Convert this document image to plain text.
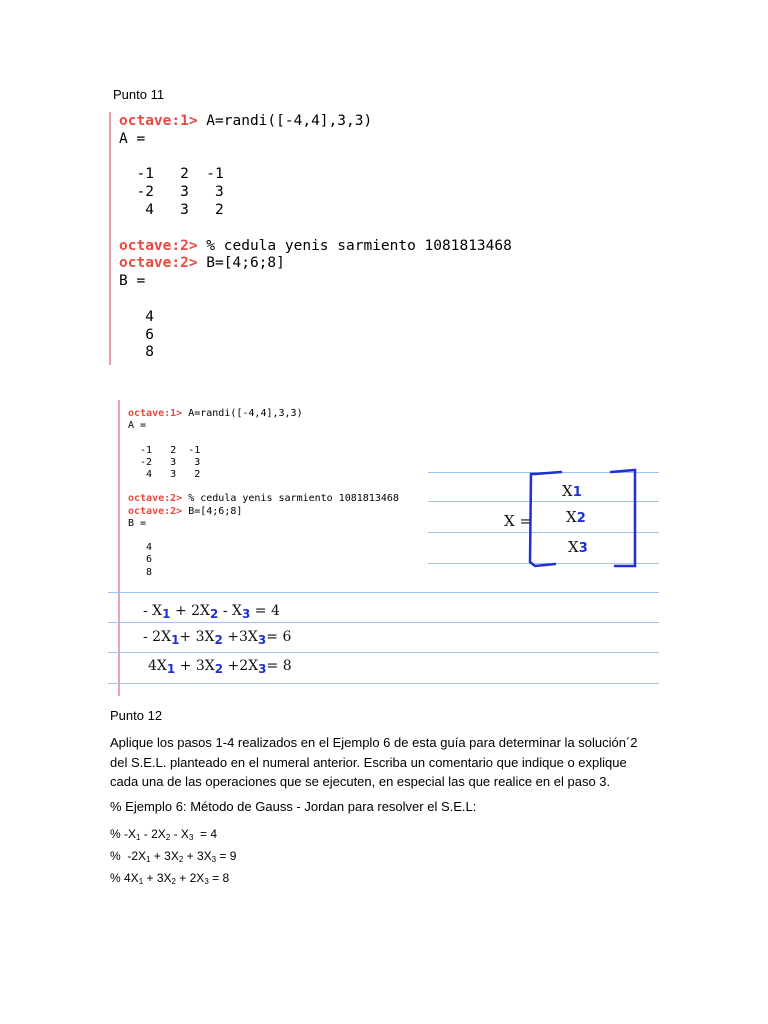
Punto 11
octave:1> A=randi([-4,4],3,3)
A =
-1   2  -1
-2   3   3
4   3   2
octave:2> % cedula yenis sarmiento 1081813468
octave:2> B=[4;6;8]
B =
4
6
8
octave:1> A=randi([-4,4],3,3)
A =
-1   2  -1
-2   3   3
4   3   2
octave:2> % cedula yenis sarmiento 1081813468
octave:2> B=[4;6;8]
B =
4
6
8
X =
X1
X2
X3
- X1 + 2X2 - X3 = 4
- 2X1+ 3X2 +3X3= 6
4X1 + 3X2 +2X3= 8
Punto 12
Aplique los pasos 1-4 realizados en el Ejemplo 6 de esta guía para determinar la solución´2 del S.E.L. planteado en el numeral anterior. Escriba un comentario que indique o explique cada una de las operaciones que se ejecuten, en especial las que realice en el paso 3.
% Ejemplo 6: Método de Gauss - Jordan para resolver el S.E.L:
% $-X_1 - 2X_2 - X_3 = 4$
%  $-2X_1 + 3X_2 + 3X_3 = 9$
% $4X_1 + 3X_2 + 2X_3 = 8$
